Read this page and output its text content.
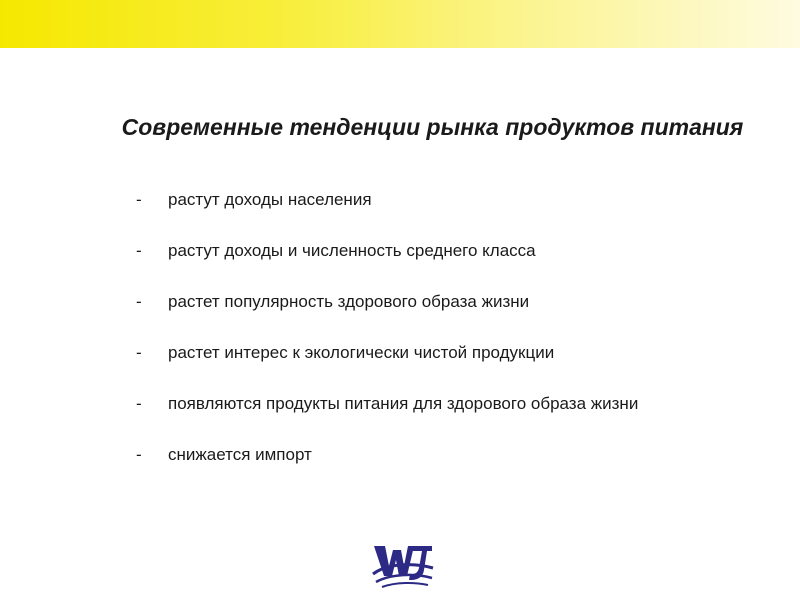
Современные тенденции рынка продуктов питания
-	растут доходы населения
-	растут доходы и численность среднего класса
-	растет популярность здорового образа жизни
-	растет интерес к экологически чистой продукции
-	появляются продукты питания для здорового образа жизни
-	снижается импорт
